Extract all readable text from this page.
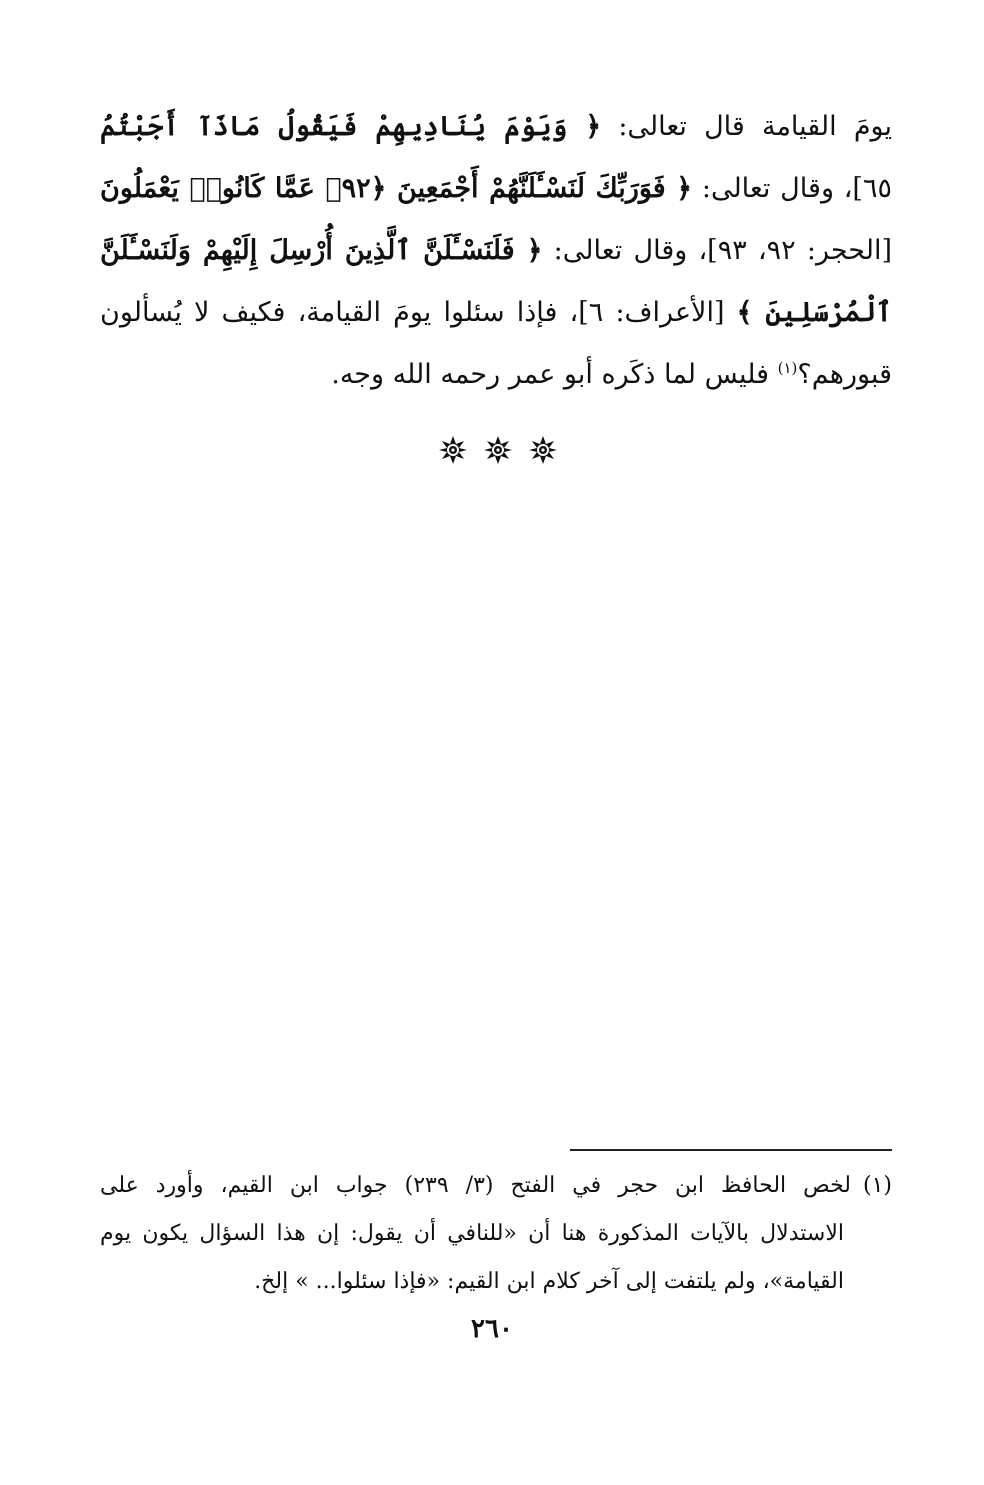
يومَ القيامة قال تعالى: ﴿ وَيَوْمَ يُنَادِيهِمْ فَيَقُولُ مَاذَآ أَجَبْتُمُ
٦٥]، وقال تعالى: ﴿ فَوَرَبِّكَ لَنَسْـَٔلَنَّهُمْ أَجْمَعِينَ ﴿٩٢﴾ عَمَّا كَانُوا۟ يَعْمَلُونَ
[الحجر: ٩٢، ٩٣]، وقال تعالى: ﴿ فَلَنَسْـَٔلَنَّ ٱلَّذِينَ أُرْسِلَ إِلَيْهِمْ وَلَنَسْـَٔلَنَّ
ٱلْمُرْسَلِينَ ﴾ [الأعراف: ٦]، فإذا سئلوا يومَ القيامة، فكيف لا يُسألون
قبورهم؟$^{(١)}$ فليس لما ذكَره أبو عمر رحمه الله وجه.
(١)لخص الحافظ ابن حجر في الفتح (٣/ ٢٣٩) جواب ابن القيم، وأورد على
الاستدلال بالآيات المذكورة هنا أن «للنافي أن يقول: إن هذا السؤال يكون يوم
القيامة»، ولم يلتفت إلى آخر كلام ابن القيم: «فإذا سئلوا... » إلخ.
٢٦٠
